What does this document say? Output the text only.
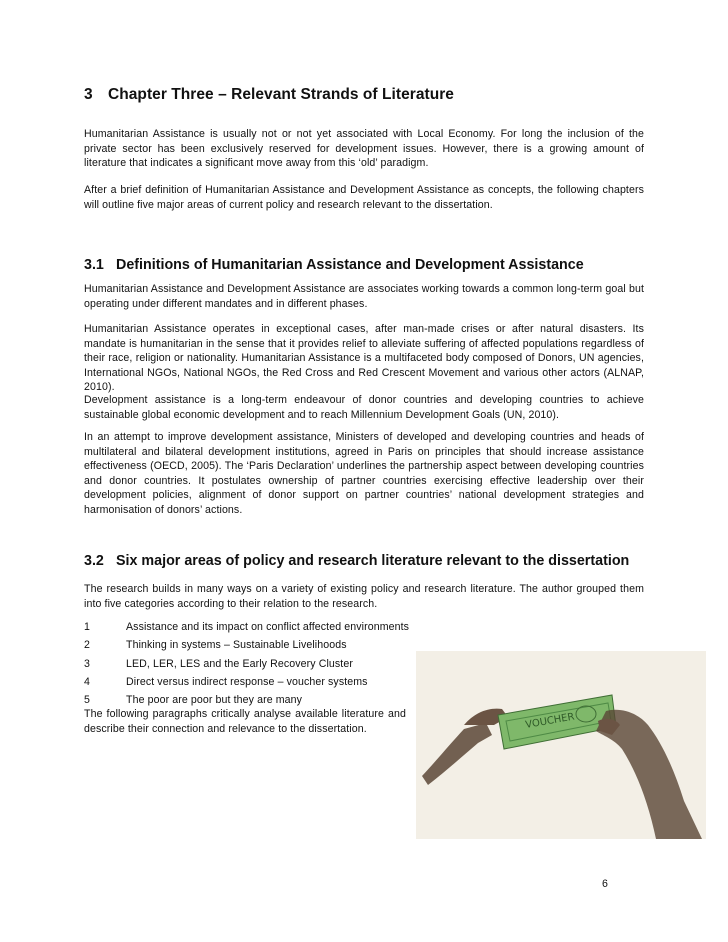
3 Chapter Three – Relevant Strands of Literature

Humanitarian Assistance is usually not or not yet associated with Local Economy. For long the inclusion of the private sector has been exclusively reserved for development issues. However, there is a growing amount of literature that indicates a significant move away from this ‘old’ paradigm.

After a brief definition of Humanitarian Assistance and Development Assistance as concepts, the following chapters will outline five major areas of current policy and research relevant to the dissertation.

3.1 Definitions of Humanitarian Assistance and Development Assistance

Humanitarian Assistance and Development Assistance are associates working towards a common long-term goal but operating under different mandates and in different phases.

Humanitarian Assistance operates in exceptional cases, after man-made crises or after natural disasters. Its mandate is humanitarian in the sense that it provides relief to alleviate suffering of affected populations regardless of their race, religion or nationality. Humanitarian Assistance is a multifaceted body composed of Donors, UN agencies, International NGOs, National NGOs, the Red Cross and Red Crescent Movement and various other actors (ALNAP, 2010).

Development assistance is a long-term endeavour of donor countries and developing countries to achieve sustainable global economic development and to reach Millennium Development Goals (UN, 2010).

In an attempt to improve development assistance, Ministers of developed and developing countries and heads of multilateral and bilateral development institutions, agreed in Paris on principles that should increase assistance effectiveness (OECD, 2005). The ‘Paris Declaration’ underlines the partnership aspect between developing countries and donor countries. It postulates ownership of partner countries exercising effective leadership over their development policies, alignment of donor support on partner countries’ national development strategies and harmonisation of donors’ actions.

3.2 Six major areas of policy and research literature relevant to the dissertation

The research builds in many ways on a variety of existing policy and research literature. The author grouped them into five categories according to their relation to the research.

1	Assistance and its impact on conflict affected environments
2	Thinking in systems – Sustainable Livelihoods
3	LED, LER, LES and the Early Recovery Cluster
4	Direct versus indirect response – voucher systems
5	The poor are poor but they are many

The following paragraphs critically analyse available literature and describe their connection and relevance to the dissertation.	VOUCHER
6
